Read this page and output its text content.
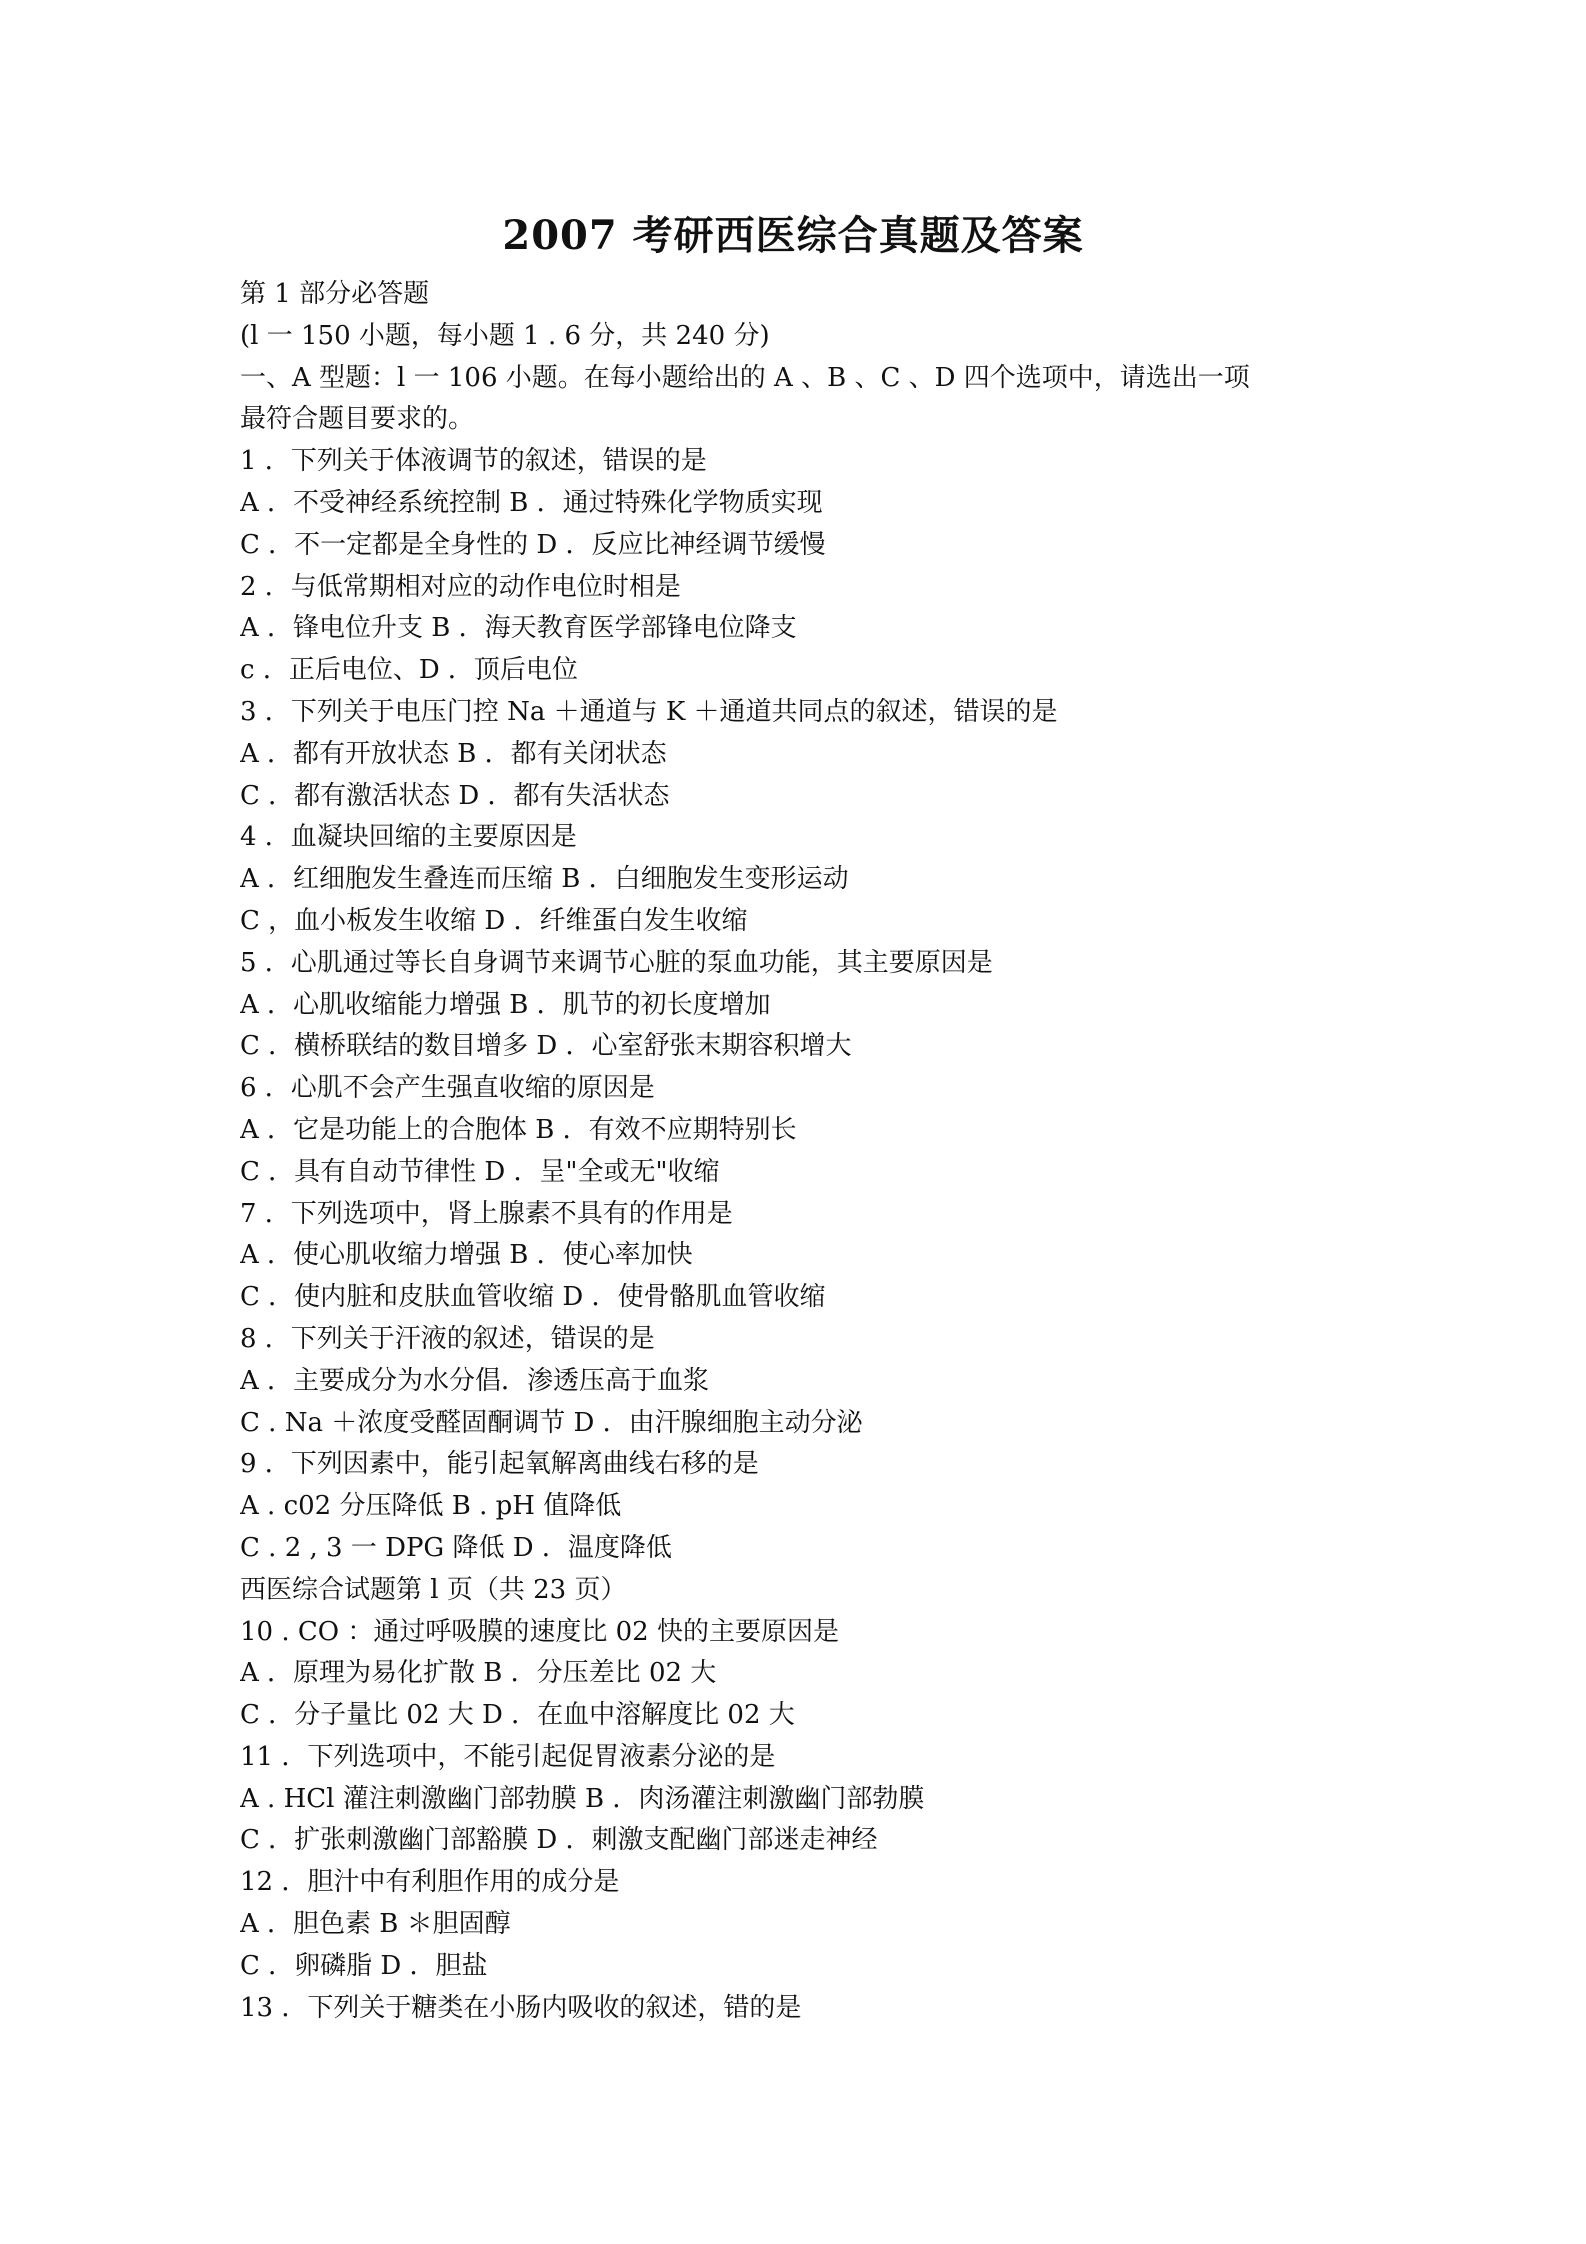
2007 考研西医综合真题及答案
第 1 部分必答题
(l 一 150 小题，每小题 1 . 6 分，共 240 分)
一、A 型题：l 一 106 小题。在每小题给出的 A 、B 、C 、D 四个选项中，请选出一项
最符合题目要求的。
1 ．下列关于体液调节的叙述，错误的是
A ．不受神经系统控制 B ．通过特殊化学物质实现
C ．不一定都是全身性的 D ．反应比神经调节缓慢
2 ．与低常期相对应的动作电位时相是
A ．锋电位升支 B ．海天教育医学部锋电位降支
c ．正后电位、D ．顶后电位
3 ．下列关于电压门控 Na ＋通道与 K ＋通道共同点的叙述，错误的是
A ．都有开放状态 B ．都有关闭状态
C ．都有激活状态 D ．都有失活状态
4 ．血凝块回缩的主要原因是
A ．红细胞发生叠连而压缩 B ．白细胞发生变形运动
C ，血小板发生收缩 D ．纤维蛋白发生收缩
5 ．心肌通过等长自身调节来调节心脏的泵血功能，其主要原因是
A ．心肌收缩能力增强 B ．肌节的初长度增加
C ．横桥联结的数目增多 D ．心室舒张末期容积增大
6 ．心肌不会产生强直收缩的原因是
A ．它是功能上的合胞体 B ．有效不应期特别长
C ．具有自动节律性 D ．呈"全或无"收缩
7 ．下列选项中，肾上腺素不具有的作用是
A ．使心肌收缩力增强 B ．使心率加快
C ．使内脏和皮肤血管收缩 D ．使骨骼肌血管收缩
8 ．下列关于汗液的叙述，错误的是
A ．主要成分为水分倡．渗透压高于血浆
C . Na ＋浓度受醛固酮调节 D ．由汗腺细胞主动分泌
9 ．下列因素中，能引起氧解离曲线右移的是
A . c02 分压降低 B . pH 值降低
C . 2 , 3 一 DPG 降低 D ．温度降低
西医综合试题第 l 页（共 23 页）
10 . CO ：通过呼吸膜的速度比 02 快的主要原因是
A ．原理为易化扩散 B ．分压差比 02 大
C ．分子量比 02 大 D ．在血中溶解度比 02 大
11 ．下列选项中，不能引起促胃液素分泌的是
A . HCl 灌注刺激幽门部勃膜 B ．肉汤灌注刺激幽门部勃膜
C ．扩张刺激幽门部豁膜 D ．刺激支配幽门部迷走神经
12 ．胆汁中有利胆作用的成分是
A ．胆色素 B ＊胆固醇
C ．卵磷脂 D ．胆盐
13 ．下列关于糖类在小肠内吸收的叙述，错的是
